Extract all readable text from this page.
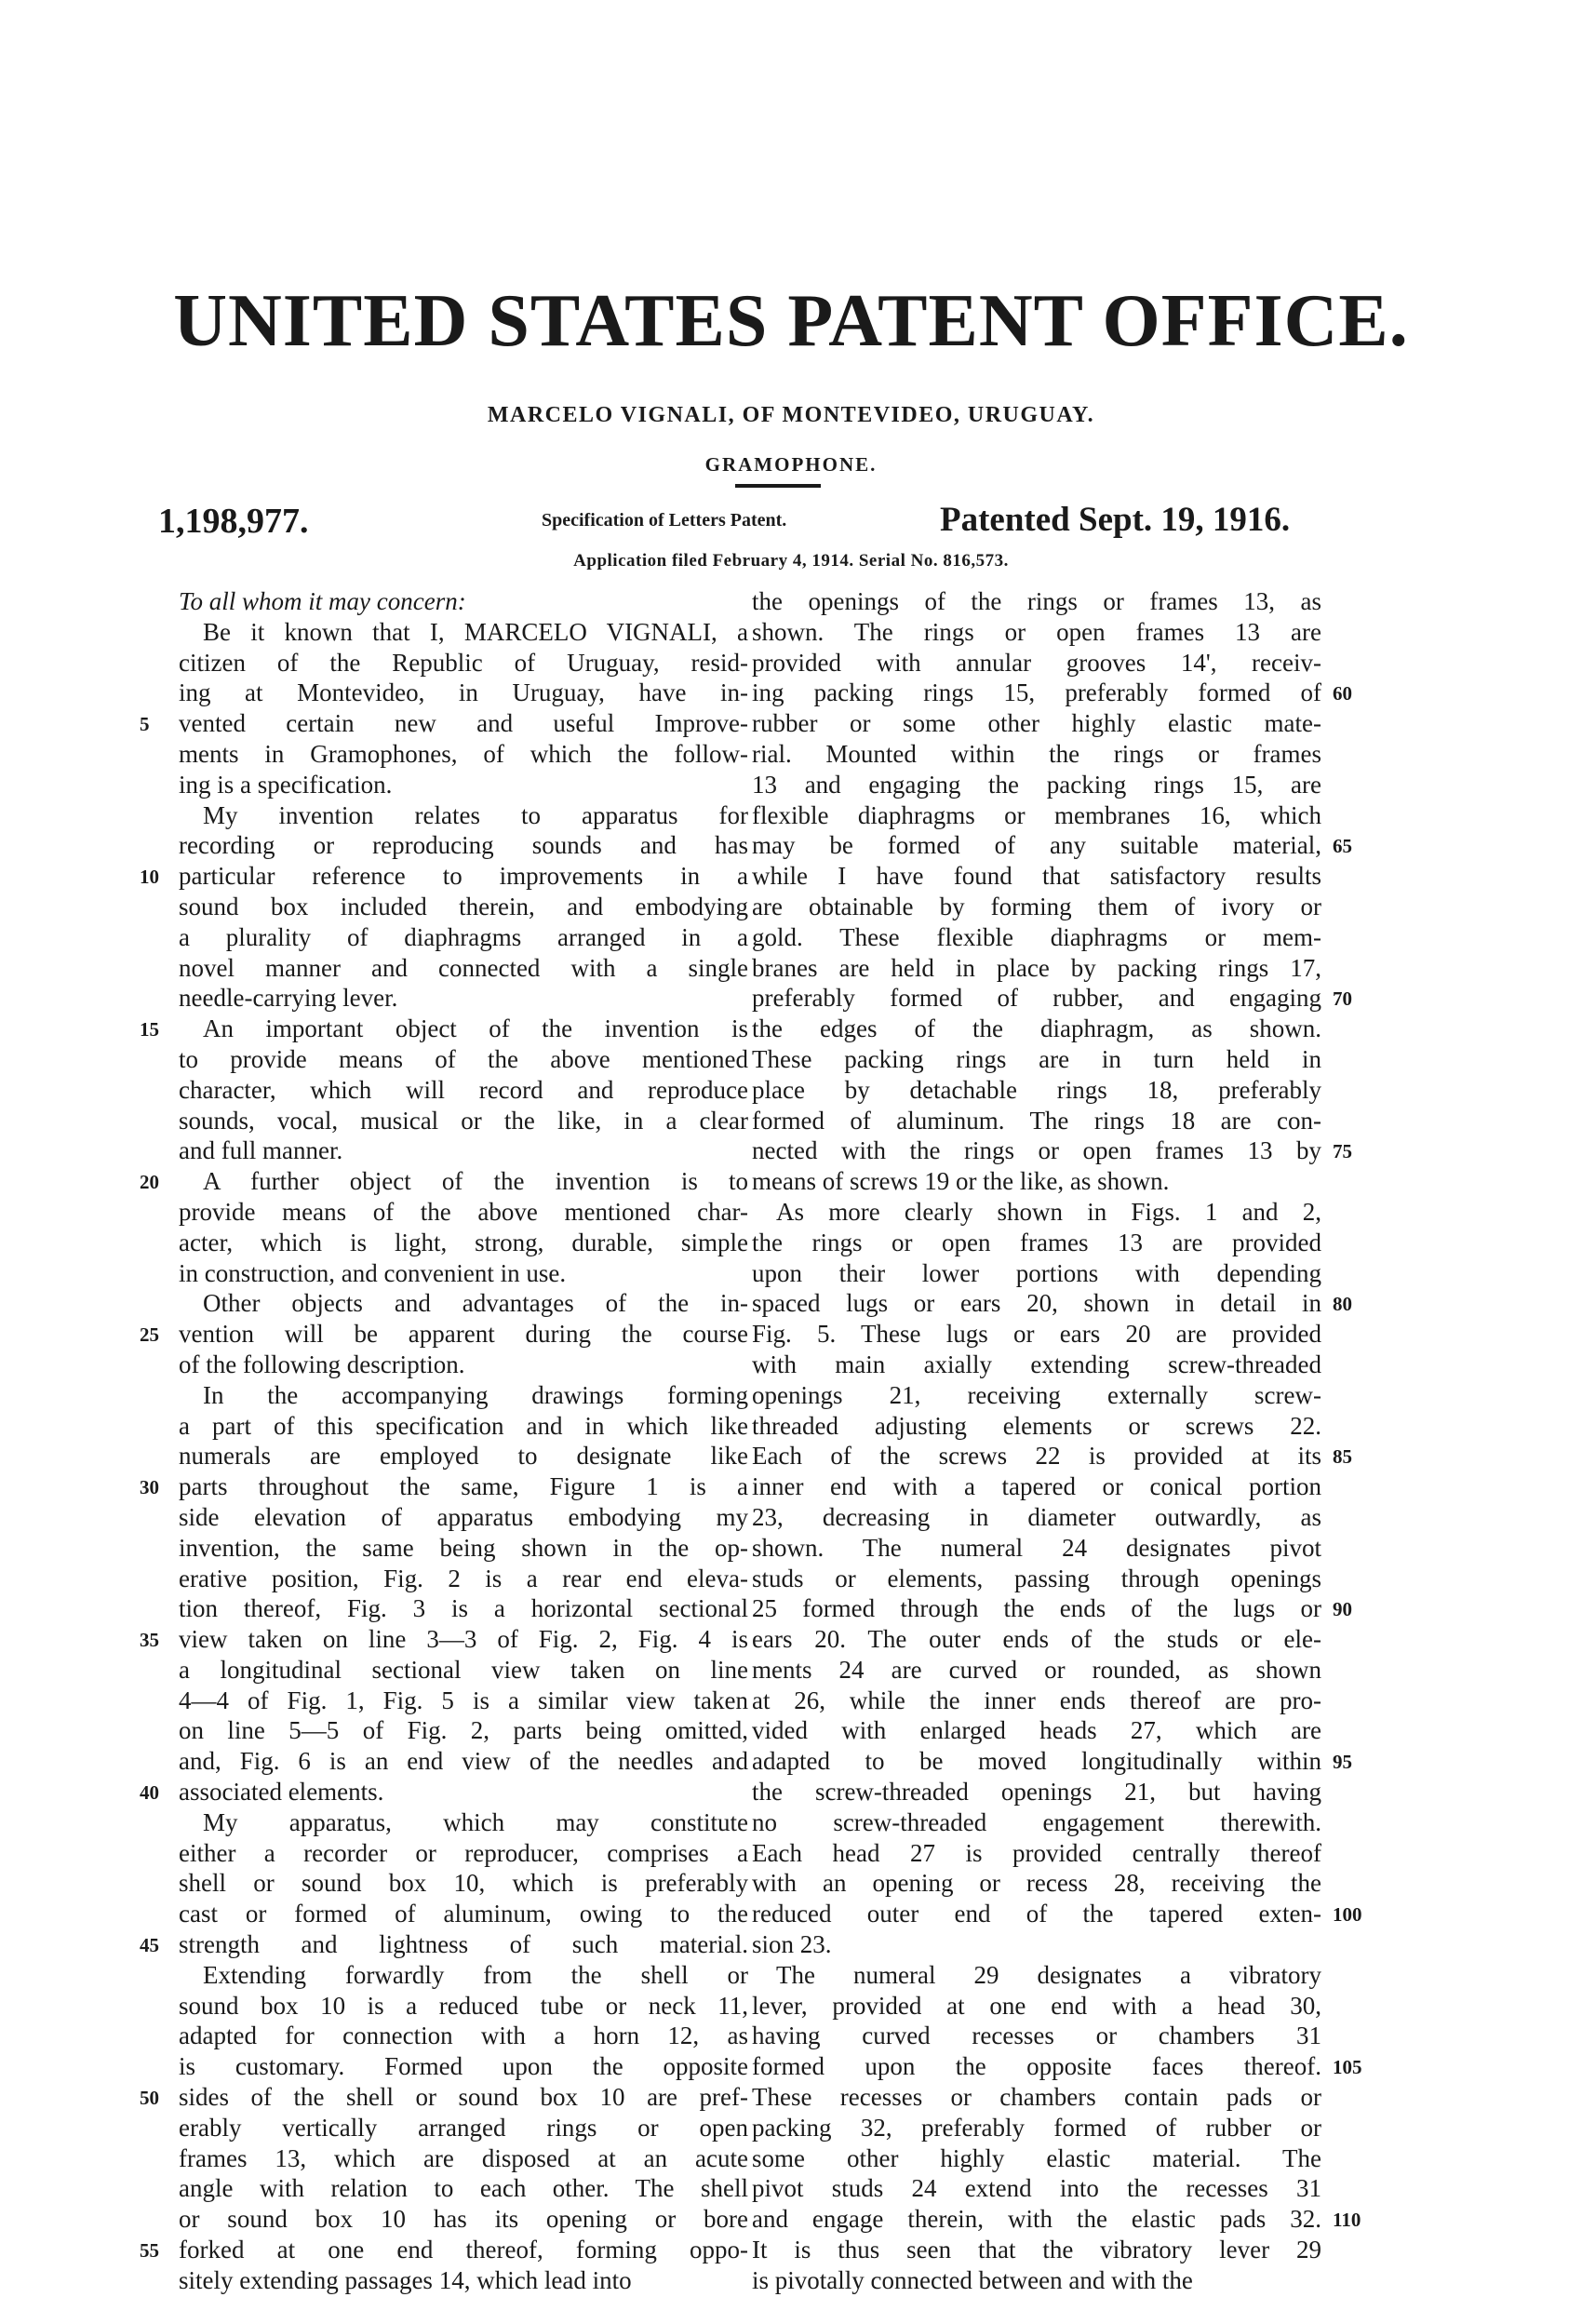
UNITED STATES PATENT OFFICE.
MARCELO VIGNALI, OF MONTEVIDEO, URUGUAY.
GRAMOPHONE.
1,198,977.	Specification of Letters Patent.	Patented Sept. 19, 1916.
Application filed February 4, 1914. Serial No. 816,573.
To all whom it may concern:
Be it known that I, MARCELO VIGNALI, a
citizen of the Republic of Uruguay, resid-
ing at Montevideo, in Uruguay, have in-
vented certain new and useful Improve-
ments in Gramophones, of which the follow-
ing is a specification.
My invention relates to apparatus for
recording or reproducing sounds and has
particular reference to improvements in a
sound box included therein, and embodying
a plurality of diaphragms arranged in a
novel manner and connected with a single
needle-carrying lever.
An important object of the invention is
to provide means of the above mentioned
character, which will record and reproduce
sounds, vocal, musical or the like, in a clear
and full manner.
A further object of the invention is to
provide means of the above mentioned char-
acter, which is light, strong, durable, simple
in construction, and convenient in use.
Other objects and advantages of the in-
vention will be apparent during the course
of the following description.
In the accompanying drawings forming
a part of this specification and in which like
numerals are employed to designate like
parts throughout the same, Figure 1 is a
side elevation of apparatus embodying my
invention, the same being shown in the op-
erative position, Fig. 2 is a rear end eleva-
tion thereof, Fig. 3 is a horizontal sectional
view taken on line 3—3 of Fig. 2, Fig. 4 is
a longitudinal sectional view taken on line
4—4 of Fig. 1, Fig. 5 is a similar view taken
on line 5—5 of Fig. 2, parts being omitted,
and, Fig. 6 is an end view of the needles and
associated elements.
My apparatus, which may constitute
either a recorder or reproducer, comprises a
shell or sound box 10, which is preferably
cast or formed of aluminum, owing to the
strength and lightness of such material.
Extending forwardly from the shell or
sound box 10 is a reduced tube or neck 11,
adapted for connection with a horn 12, as
is customary. Formed upon the opposite
sides of the shell or sound box 10 are pref-
erably vertically arranged rings or open
frames 13, which are disposed at an acute
angle with relation to each other. The shell
or sound box 10 has its opening or bore
forked at one end thereof, forming oppo-
sitely extending passages 14, which lead into
the openings of the rings or frames 13, as
shown. The rings or open frames 13 are
provided with annular grooves 14', receiv-
ing packing rings 15, preferably formed of
rubber or some other highly elastic mate-
rial. Mounted within the rings or frames
13 and engaging the packing rings 15, are
flexible diaphragms or membranes 16, which
may be formed of any suitable material,
while I have found that satisfactory results
are obtainable by forming them of ivory or
gold. These flexible diaphragms or mem-
branes are held in place by packing rings 17,
preferably formed of rubber, and engaging
the edges of the diaphragm, as shown.
These packing rings are in turn held in
place by detachable rings 18, preferably
formed of aluminum. The rings 18 are con-
nected with the rings or open frames 13 by
means of screws 19 or the like, as shown.
As more clearly shown in Figs. 1 and 2,
the rings or open frames 13 are provided
upon their lower portions with depending
spaced lugs or ears 20, shown in detail in
Fig. 5. These lugs or ears 20 are provided
with main axially extending screw-threaded
openings 21, receiving externally screw-
threaded adjusting elements or screws 22.
Each of the screws 22 is provided at its
inner end with a tapered or conical portion
23, decreasing in diameter outwardly, as
shown. The numeral 24 designates pivot
studs or elements, passing through openings
25 formed through the ends of the lugs or
ears 20. The outer ends of the studs or ele-
ments 24 are curved or rounded, as shown
at 26, while the inner ends thereof are pro-
vided with enlarged heads 27, which are
adapted to be moved longitudinally within
the screw-threaded openings 21, but having
no screw-threaded engagement therewith.
Each head 27 is provided centrally thereof
with an opening or recess 28, receiving the
reduced outer end of the tapered exten-
sion 23.
The numeral 29 designates a vibratory
lever, provided at one end with a head 30,
having curved recesses or chambers 31
formed upon the opposite faces thereof.
These recesses or chambers contain pads or
packing 32, preferably formed of rubber or
some other highly elastic material. The
pivot studs 24 extend into the recesses 31
and engage therein, with the elastic pads 32.
It is thus seen that the vibratory lever 29
is pivotally connected between and with the
5
10
15
20
25
30
35
40
45
50
55
60
65
70
75
80
85
90
95
100
105
110
